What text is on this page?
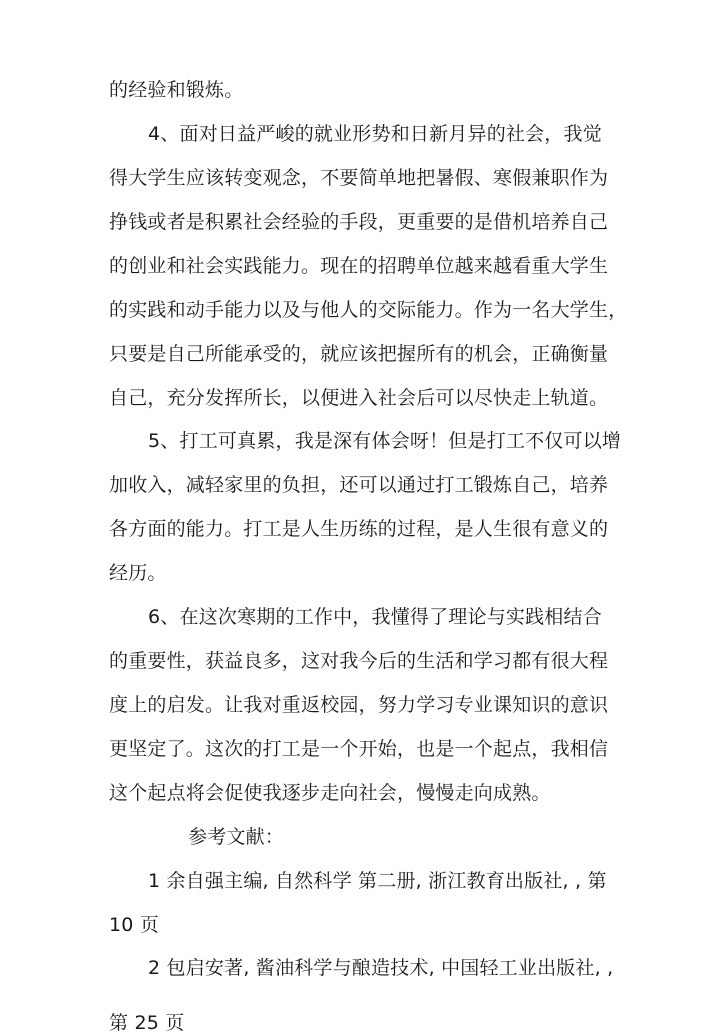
的经验和锻炼。
4、面对日益严峻的就业形势和日新月异的社会，我觉
得大学生应该转变观念，不要简单地把暑假、寒假兼职作为
挣钱或者是积累社会经验的手段，更重要的是借机培养自己
的创业和社会实践能力。现在的招聘单位越来越看重大学生
的实践和动手能力以及与他人的交际能力。作为一名大学生，
只要是自己所能承受的，就应该把握所有的机会，正确衡量
自己，充分发挥所长，以便进入社会后可以尽快走上轨道。
5、打工可真累，我是深有体会呀！但是打工不仅可以增
加收入，减轻家里的负担，还可以通过打工锻炼自己，培养
各方面的能力。打工是人生历练的过程，是人生很有意义的
经历。
6、在这次寒期的工作中，我懂得了理论与实践相结合
的重要性，获益良多，这对我今后的生活和学习都有很大程
度上的启发。让我对重返校园，努力学习专业课知识的意识
更坚定了。这次的打工是一个开始，也是一个起点，我相信
这个起点将会促使我逐步走向社会，慢慢走向成熟。
参考文献：
1 余自强主编, 自然科学 第二册, 浙江教育出版社, , 第
10 页
2 包启安著, 酱油科学与酿造技术, 中国轻工业出版社, ,
第 25 页
